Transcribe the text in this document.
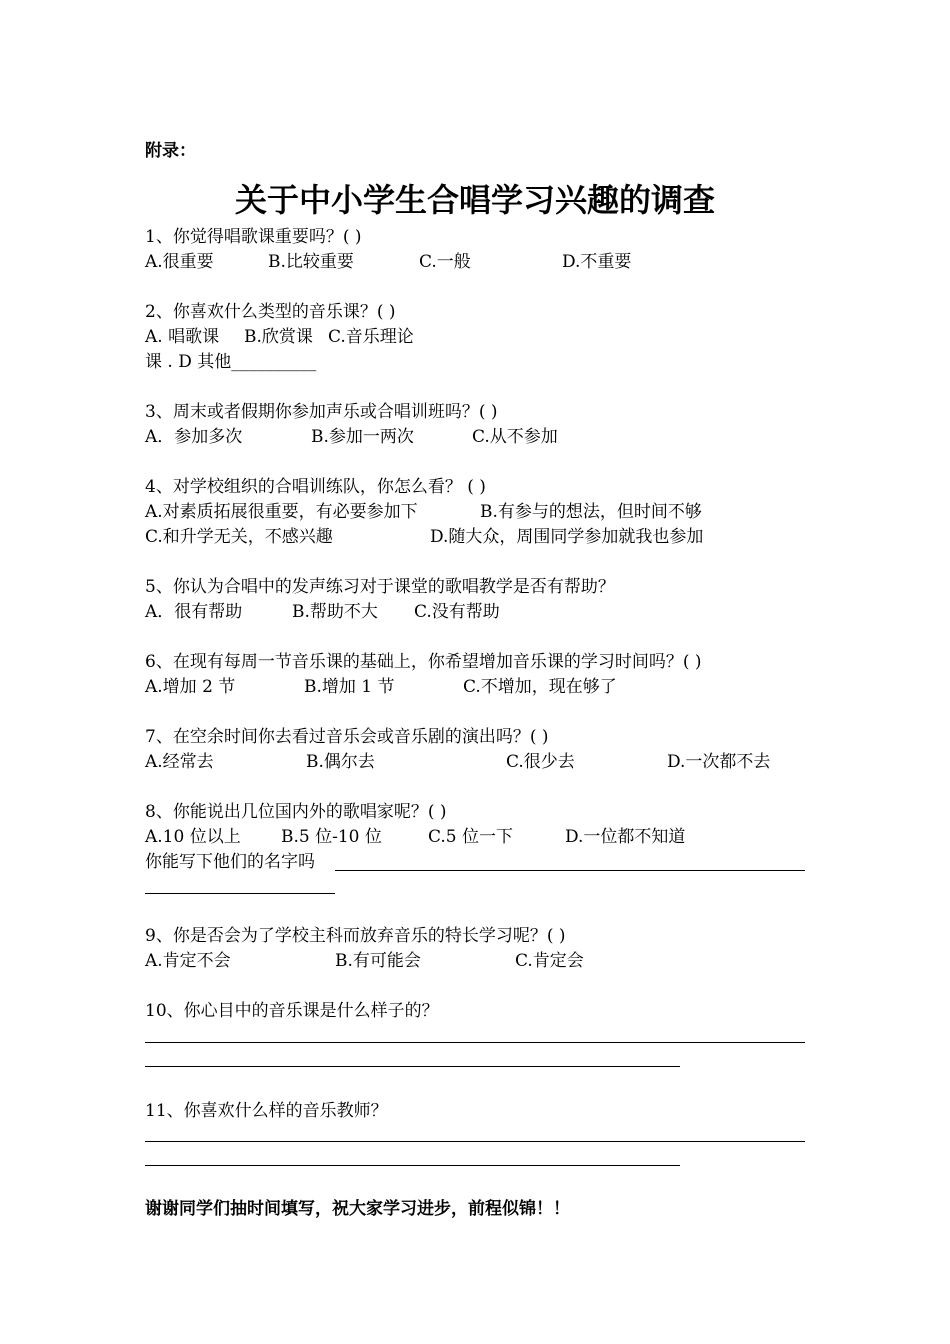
附录：
关于中小学生合唱学习兴趣的调查
1、你觉得唱歌课重要吗？( )
A.很重要	B.比较重要	C.一般	D.不重要
2、你喜欢什么类型的音乐课？( )
A. 唱歌课 B.欣赏课 C.音乐理论
课 . D 其他__________
3、周末或者假期你参加声乐或合唱训班吗？( )
A．参加多次	B.参加一两次	C.从不参加
4、对学校组织的合唱训练队，你怎么看？ ( )
A.对素质拓展很重要，有必要参加下	B.有参与的想法，但时间不够
C.和升学无关，不感兴趣	D.随大众，周围同学参加就我也参加
5、你认为合唱中的发声练习对于课堂的歌唱教学是否有帮助？
A．很有帮助	B.帮助不大 C.没有帮助
6、在现有每周一节音乐课的基础上，你希望增加音乐课的学习时间吗？( )
A.增加 2 节	B.增加 1 节	C.不增加，现在够了
7、在空余时间你去看过音乐会或音乐剧的演出吗？( )
A.经常去	B.偶尔去	C.很少去	D.一次都不去
8、你能说出几位国内外的歌唱家呢？( )
A.10 位以上 B.5 位-10 位	C.5 位一下	D.一位都不知道
你能写下他们的名字吗
9、你是否会为了学校主科而放弃音乐的特长学习呢？( )
A.肯定不会	B.有可能会	C.肯定会
10、你心目中的音乐课是什么样子的？
11、你喜欢什么样的音乐教师？
谢谢同学们抽时间填写，祝大家学习进步，前程似锦！！
